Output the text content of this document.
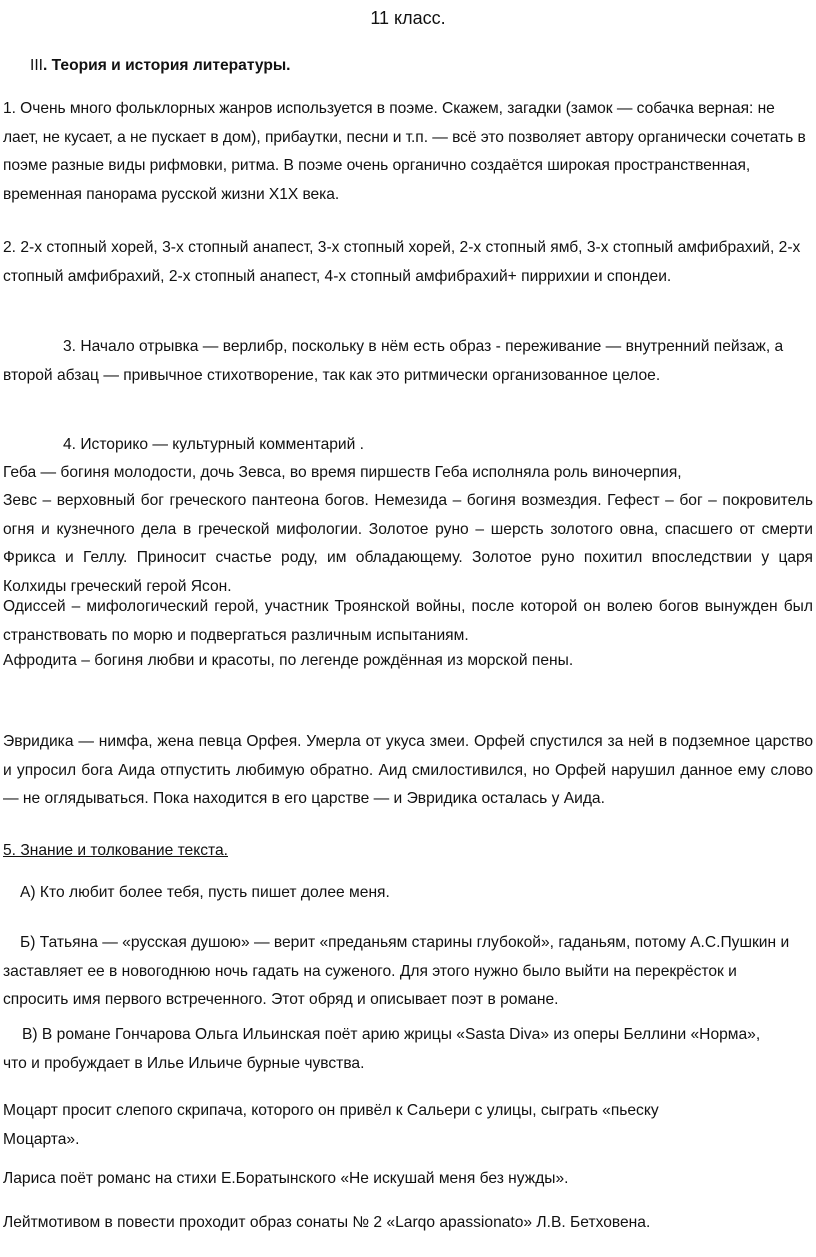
11 класс.

III. Теория и история литературы.

1. Очень много фольклорных жанров используется в поэме. Скажем, загадки (замок — собачка верная: не лает, не кусает, а не пускает в дом), прибаутки, песни и т.п. — всё это позволяет автору органически сочетать в поэме разные виды рифмовки, ритма. В поэме очень органично создаётся широкая пространственная, временная панорама русской жизни X1X века.

2. 2-х стопный хорей, 3-х стопный анапест, 3-х стопный хорей, 2-х стопный ямб, 3-х стопный амфибрахий, 2-х стопный амфибрахий, 2-х стопный анапест, 4-х стопный амфибрахий+ пиррихии и спондеи.

3. Начало отрывка — верлибр, поскольку в нём есть образ - переживание — внутренний пейзаж, а второй абзац — привычное стихотворение, так как это ритмически организованное целое.

4. Историко — культурный комментарий .

Геба — богиня молодости, дочь Зевса, во время пиршеств Геба исполняла роль виночерпия,

Зевс – верховный бог греческого пантеона богов. Немезида – богиня возмездия. Гефест – бог – покровитель огня и кузнечного дела в греческой мифологии. Золотое руно – шерсть золотого овна, спасшего от смерти Фрикса и Геллу. Приносит счастье роду, им обладающему. Золотое руно похитил впоследствии у царя Колхиды греческий герой Ясон.

Одиссей – мифологический герой, участник Троянской войны, после которой он волею богов вынужден был странствовать по морю и подвергаться различным испытаниям.

Афродита – богиня любви и красоты, по легенде рождённая из морской пены.

Эвридика — нимфа, жена певца Орфея. Умерла от укуса змеи. Орфей спустился за ней в подземное царство и упросил бога Аида отпустить любимую обратно. Аид смилостивился, но Орфей нарушил данное ему слово — не оглядываться. Пока находится в его царстве — и Эвридика осталась у Аида.

5. Знание и толкование текста.

А) Кто любит более тебя, пусть пишет долее меня.

Б) Татьяна — «русская душою» — верит «преданьям старины глубокой», гаданьям, потому А.С.Пушкин и заставляет ее в новогоднюю ночь гадать на суженого. Для этого нужно было выйти на перекрёсток и спросить имя первого встреченного. Этот обряд и описывает поэт в романе.

В) В романе Гончарова Ольга Ильинская поёт арию жрицы «Sasta Diva» из оперы Беллини «Норма», что и пробуждает в Илье Ильиче бурные чувства.

Моцарт просит слепого скрипача, которого он привёл к Сальери с улицы, сыграть «пьеску Моцарта».

Лариса поёт романс на стихи Е.Боратынского «Не искушай меня без нужды».

Лейтмотивом в повести проходит образ сонаты № 2 «Larqo apassionato» Л.В. Бетховена.
